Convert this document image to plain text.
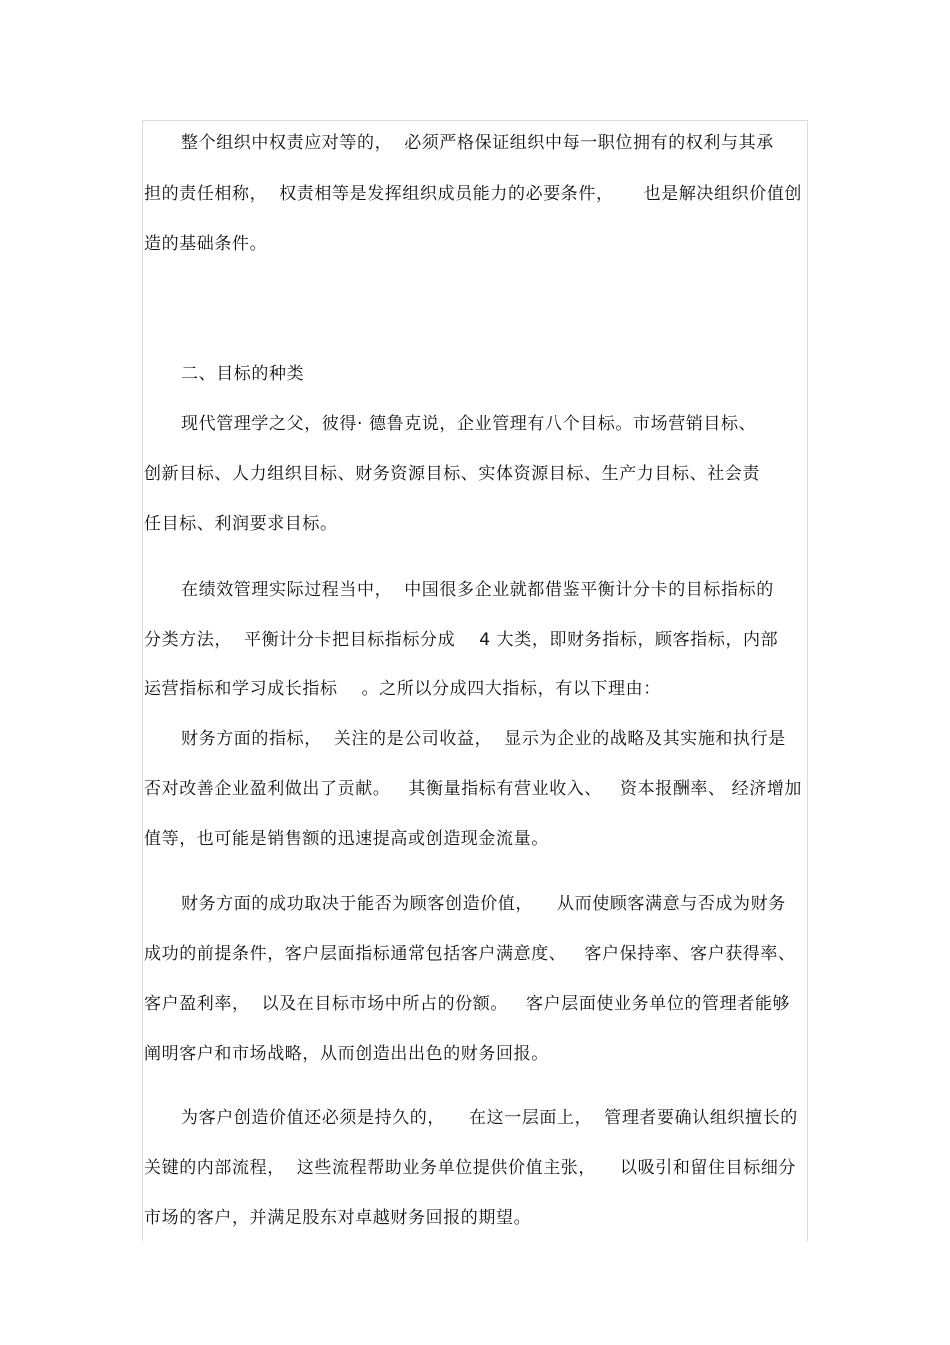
整个组织中权责应对等的，  必须严格保证组织中每一职位拥有的权利与其承
担的责任相称，  权责相等是发挥组织成员能力的必要条件，     也是解决组织价值创
造的基础条件。
二、目标的种类
现代管理学之父，彼得· 德鲁克说，企业管理有八个目标。市场营销目标、
创新目标、人力组织目标、财务资源目标、实体资源目标、生产力目标、社会责
任目标、利润要求目标。
在绩效管理实际过程当中，  中国很多企业就都借鉴平衡计分卡的目标指标的
分类方法，  平衡计分卡把目标指标分成    4 大类，即财务指标，顾客指标，内部
运营指标和学习成长指标    。之所以分成四大指标，有以下理由：
财务方面的指标，  关注的是公司收益，  显示为企业的战略及其实施和执行是
否对改善企业盈利做出了贡献。   其衡量指标有营业收入、   资本报酬率、 经济增加
值等，也可能是销售额的迅速提高或创造现金流量。
财务方面的成功取决于能否为顾客创造价值，    从而使顾客满意与否成为财务
成功的前提条件，客户层面指标通常包括客户满意度、   客户保持率、客户获得率、
客户盈利率，  以及在目标市场中所占的份额。   客户层面使业务单位的管理者能够
阐明客户和市场战略，从而创造出出色的财务回报。
为客户创造价值还必须是持久的，    在这一层面上，  管理者要确认组织擅长的
关键的内部流程，  这些流程帮助业务单位提供价值主张，    以吸引和留住目标细分
市场的客户，并满足股东对卓越财务回报的期望。
